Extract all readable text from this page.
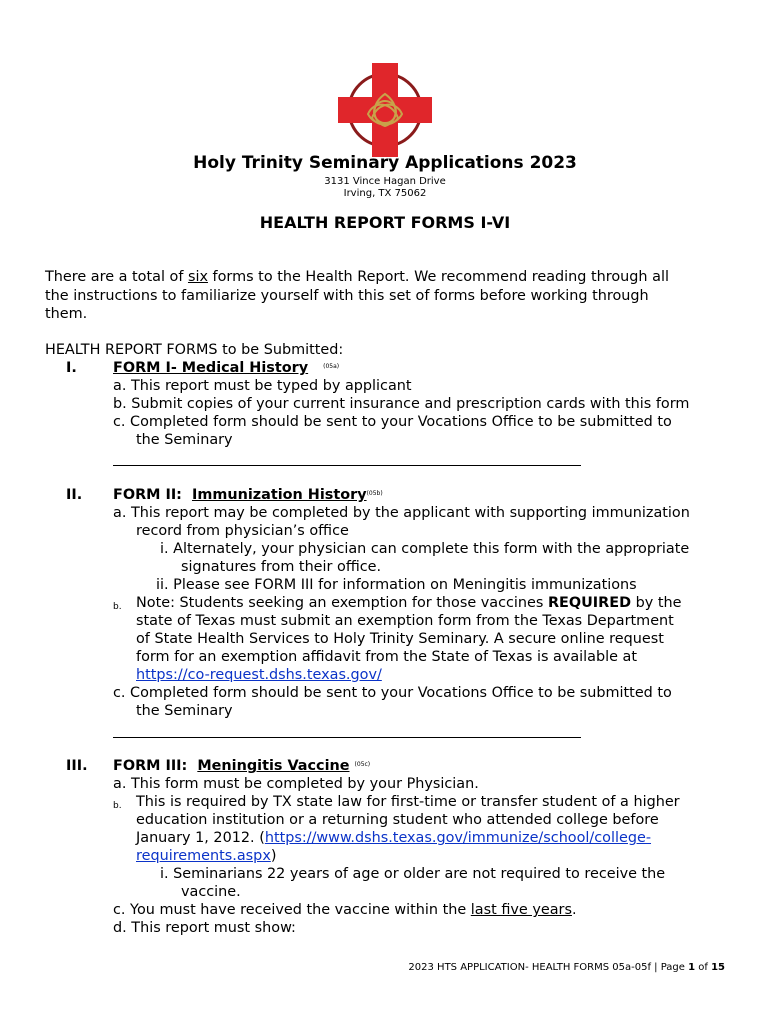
Holy Trinity Seminary Applications 2023
3131 Vince Hagan Drive
Irving, TX 75062
HEALTH REPORT FORMS I-VI
There are a total of six forms to the Health Report. We recommend reading through all
the instructions to familiarize yourself with this set of forms before working through
them.
HEALTH REPORT FORMS to be Submitted:
I.	FORM I- Medical History	(05a)
a. This report must be typed by applicant
b. Submit copies of your current insurance and prescription cards with this form
c. Completed form should be sent to your Vocations Office to be submitted to
the Seminary
II. FORM II: Immunization History(05b)
a. This report may be completed by the applicant with supporting immunization
record from physician’s office
i. Alternately, your physician can complete this form with the appropriate
signatures from their office.
ii. Please see FORM III for information on Meningitis immunizations
b. Note: Students seeking an exemption for those vaccines REQUIRED by the
state of Texas must submit an exemption form from the Texas Department
of State Health Services to Holy Trinity Seminary. A secure online request
form for an exemption affidavit from the State of Texas is available at
https://co-request.dshs.texas.gov/
c. Completed form should be sent to your Vocations Office to be submitted to
the Seminary
III. FORM III: Meningitis Vaccine (05c)
a. This form must be completed by your Physician.
b. This is required by TX state law for first-time or transfer student of a higher
education institution or a returning student who attended college before
January 1, 2012. (https://www.dshs.texas.gov/immunize/school/college-
requirements.aspx)
i. Seminarians 22 years of age or older are not required to receive the
vaccine.
c. You must have received the vaccine within the last five years.
d. This report must show:
2023 HTS APPLICATION- HEALTH FORMS 05a-05f | Page 1 of 15
